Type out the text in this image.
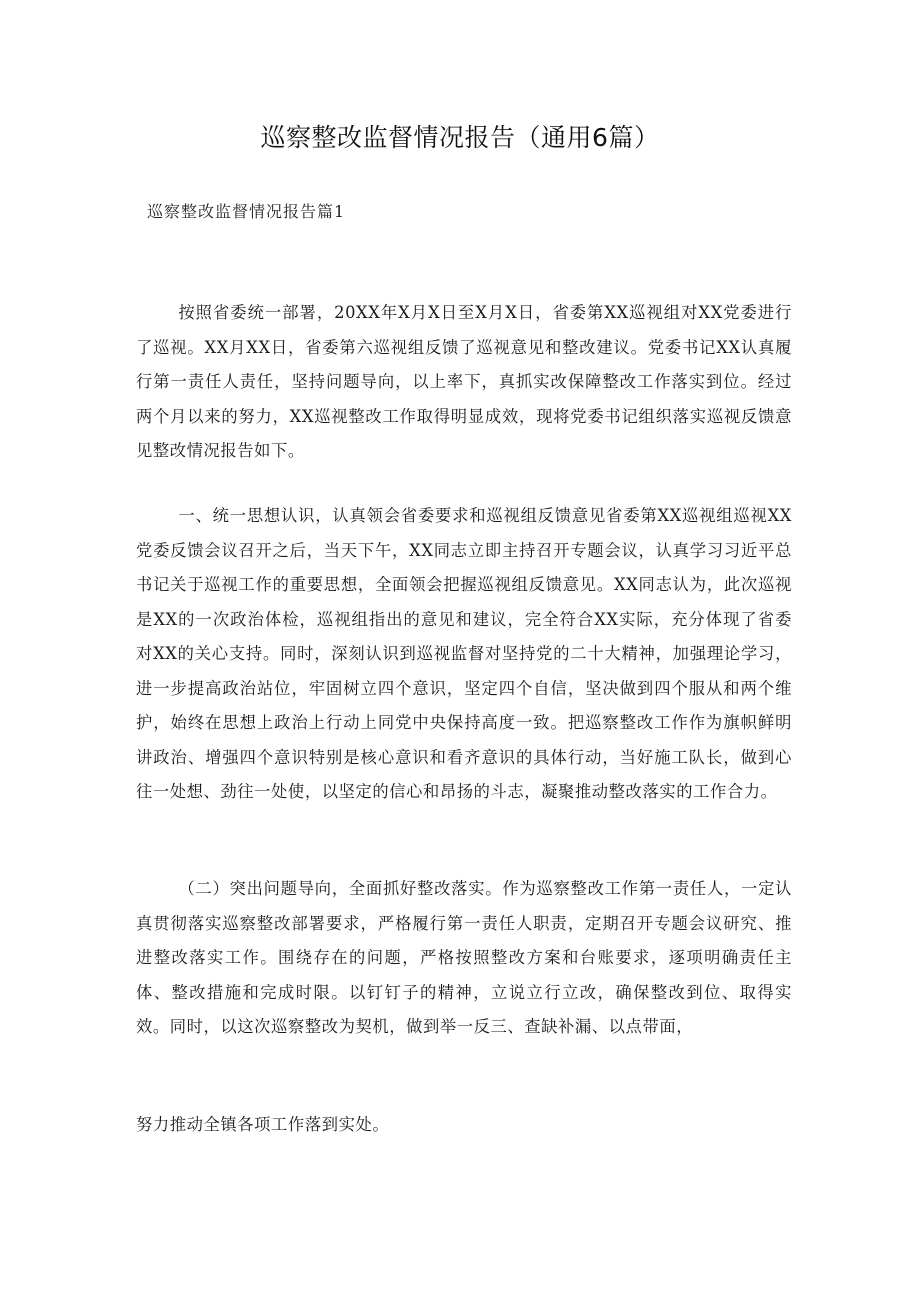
巡察整改监督情况报告（通用6篇）

巡察整改监督情况报告篇1

按照省委统一部署，20XX年X月X日至X月X日，省委第XX巡视组对XX党委进行了巡视。XX月XX日，省委第六巡视组反馈了巡视意见和整改建议。党委书记XX认真履行第一责任人责任，坚持问题导向，以上率下，真抓实改保障整改工作落实到位。经过两个月以来的努力，XX巡视整改工作取得明显成效，现将党委书记组织落实巡视反馈意见整改情况报告如下。

一、统一思想认识，认真领会省委要求和巡视组反馈意见省委第XX巡视组巡视XX党委反馈会议召开之后，当天下午，XX同志立即主持召开专题会议，认真学习习近平总书记关于巡视工作的重要思想，全面领会把握巡视组反馈意见。XX同志认为，此次巡视是XX的一次政治体检，巡视组指出的意见和建议，完全符合XX实际，充分体现了省委对XX的关心支持。同时，深刻认识到巡视监督对坚持党的二十大精神，加强理论学习，进一步提高政治站位，牢固树立四个意识，坚定四个自信，坚决做到四个服从和两个维护，始终在思想上政治上行动上同党中央保持高度一致。把巡察整改工作作为旗帜鲜明讲政治、增强四个意识特别是核心意识和看齐意识的具体行动，当好施工队长，做到心往一处想、劲往一处使，以坚定的信心和昂扬的斗志，凝聚推动整改落实的工作合力。

（二）突出问题导向，全面抓好整改落实。作为巡察整改工作第一责任人，一定认真贯彻落实巡察整改部署要求，严格履行第一责任人职责，定期召开专题会议研究、推进整改落实工作。围绕存在的问题，严格按照整改方案和台账要求，逐项明确责任主体、整改措施和完成时限。以钉钉子的精神，立说立行立改，确保整改到位、取得实效。同时，以这次巡察整改为契机，做到举一反三、查缺补漏、以点带面，

努力推动全镇各项工作落到实处。
